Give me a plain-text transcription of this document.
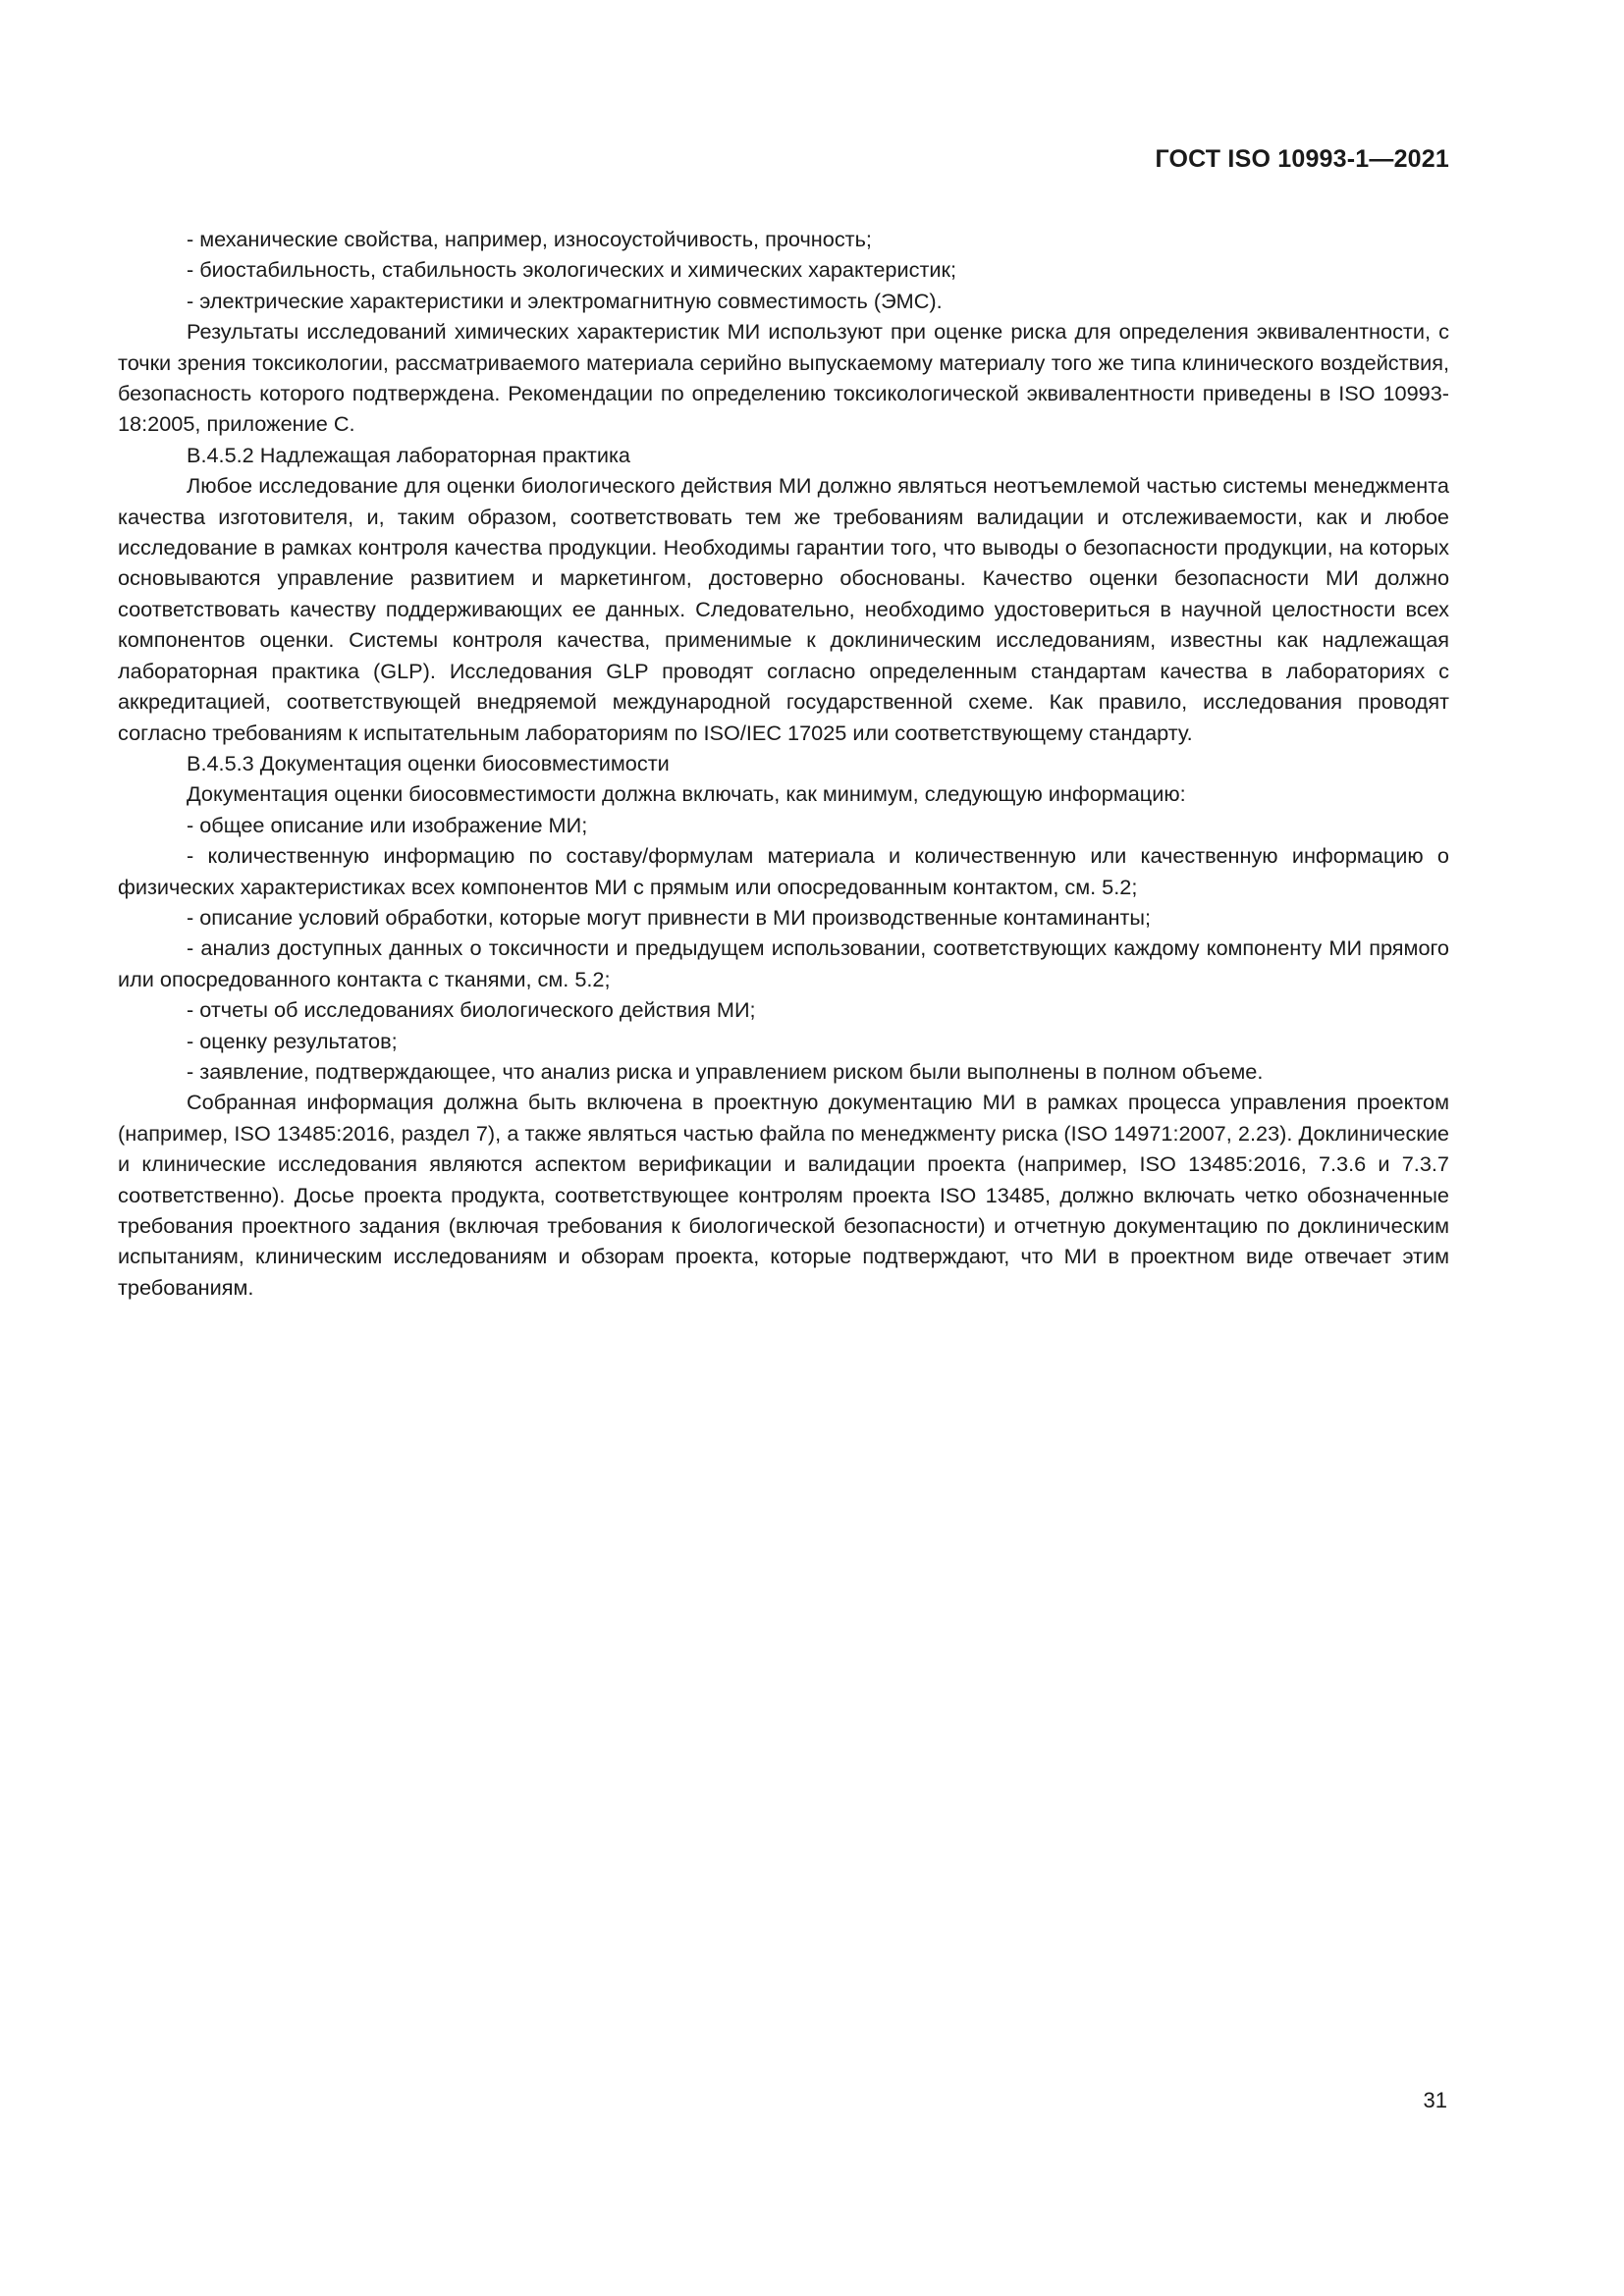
ГОСТ ISO 10993-1—2021

- механические свойства, например, износоустойчивость, прочность;

- биостабильность, стабильность экологических и химических характеристик;

- электрические характеристики и электромагнитную совместимость (ЭМС).

Результаты исследований химических характеристик МИ используют при оценке риска для определения эквивалентности, с точки зрения токсикологии, рассматриваемого материала серийно выпускаемому материалу того же типа клинического воздействия, безопасность которого подтверждена. Рекомендации по определению токсикологической эквивалентности приведены в ISO 10993-18:2005, приложение С.

В.4.5.2 Надлежащая лабораторная практика

Любое исследование для оценки биологического действия МИ должно являться неотъемлемой частью системы менеджмента качества изготовителя, и, таким образом, соответствовать тем же требованиям валидации и отслеживаемости, как и любое исследование в рамках контроля качества продукции. Необходимы гарантии того, что выводы о безопасности продукции, на которых основываются управление развитием и маркетингом, достоверно обоснованы. Качество оценки безопасности МИ должно соответствовать качеству поддерживающих ее данных. Следовательно, необходимо удостовериться в научной целостности всех компонентов оценки. Системы контроля качества, применимые к доклиническим исследованиям, известны как надлежащая лабораторная практика (GLP). Исследования GLP проводят согласно определенным стандартам качества в лабораториях с аккредитацией, соответствующей внедряемой международной государственной схеме. Как правило, исследования проводят согласно требованиям к испытательным лабораториям по ISO/IEC 17025 или соответствующему стандарту.

В.4.5.3 Документация оценки биосовместимости

Документация оценки биосовместимости должна включать, как минимум, следующую информацию:

- общее описание или изображение МИ;

- количественную информацию по составу/формулам материала и количественную или качественную информацию о физических характеристиках всех компонентов МИ с прямым или опосредованным контактом, см. 5.2;

- описание условий обработки, которые могут привнести в МИ производственные контаминанты;

- анализ доступных данных о токсичности и предыдущем использовании, соответствующих каждому компоненту МИ прямого или опосредованного контакта с тканями, см. 5.2;

- отчеты об исследованиях биологического действия МИ;

- оценку результатов;

- заявление, подтверждающее, что анализ риска и управлением риском были выполнены в полном объеме.

Собранная информация должна быть включена в проектную документацию МИ в рамках процесса управления проектом (например, ISO 13485:2016, раздел 7), а также являться частью файла по менеджменту риска (ISO 14971:2007, 2.23). Доклинические и клинические исследования являются аспектом верификации и валидации проекта (например, ISO 13485:2016, 7.3.6 и 7.3.7 соответственно). Досье проекта продукта, соответствующее контролям проекта ISO 13485, должно включать четко обозначенные требования проектного задания (включая требования к биологической безопасности) и отчетную документацию по доклиническим испытаниям, клиническим исследованиям и обзорам проекта, которые подтверждают, что МИ в проектном виде отвечает этим требованиям.

31
